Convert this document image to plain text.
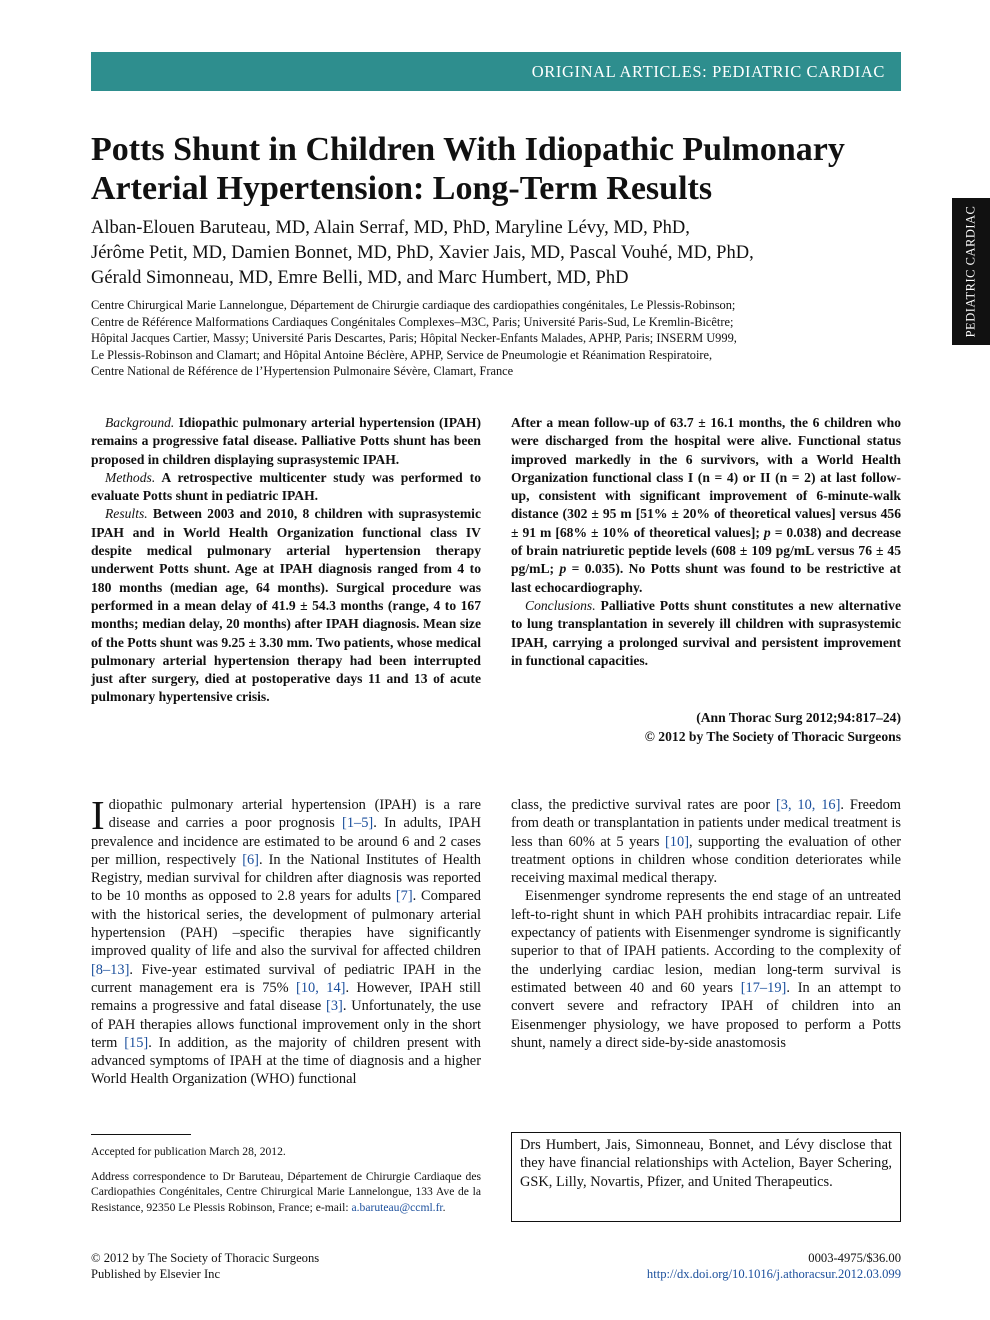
ORIGINAL ARTICLES: PEDIATRIC CARDIAC
PEDIATRIC CARDIAC
Potts Shunt in Children With Idiopathic Pulmonary Arterial Hypertension: Long-Term Results
Alban-Elouen Baruteau, MD, Alain Serraf, MD, PhD, Maryline Lévy, MD, PhD,
Jérôme Petit, MD, Damien Bonnet, MD, PhD, Xavier Jais, MD, Pascal Vouhé, MD, PhD,
Gérald Simonneau, MD, Emre Belli, MD, and Marc Humbert, MD, PhD
Centre Chirurgical Marie Lannelongue, Département de Chirurgie cardiaque des cardiopathies congénitales, Le Plessis-Robinson;
Centre de Référence Malformations Cardiaques Congénitales Complexes–M3C, Paris; Université Paris-Sud, Le Kremlin-Bicêtre;
Hôpital Jacques Cartier, Massy; Université Paris Descartes, Paris; Hôpital Necker-Enfants Malades, APHP, Paris; INSERM U999,
Le Plessis-Robinson and Clamart; and Hôpital Antoine Béclère, APHP, Service de Pneumologie et Réanimation Respiratoire,
Centre National de Référence de l’Hypertension Pulmonaire Sévère, Clamart, France

Background. Idiopathic pulmonary arterial hypertension (IPAH) remains a progressive fatal disease. Palliative Potts shunt has been proposed in children displaying suprasystemic IPAH.

Methods. A retrospective multicenter study was performed to evaluate Potts shunt in pediatric IPAH.

Results. Between 2003 and 2010, 8 children with suprasystemic IPAH and in World Health Organization functional class IV despite medical pulmonary arterial hypertension therapy underwent Potts shunt. Age at IPAH diagnosis ranged from 4 to 180 months (median age, 64 months). Surgical procedure was performed in a mean delay of 41.9 ± 54.3 months (range, 4 to 167 months; median delay, 20 months) after IPAH diagnosis. Mean size of the Potts shunt was 9.25 ± 3.30 mm. Two patients, whose medical pulmonary arterial hypertension therapy had been interrupted just after surgery, died at postoperative days 11 and 13 of acute pulmonary hypertensive crisis.

After a mean follow-up of 63.7 ± 16.1 months, the 6 children who were discharged from the hospital were alive. Functional status improved markedly in the 6 survivors, with a World Health Organization functional class I (n = 4) or II (n = 2) at last follow-up, consistent with significant improvement of 6-minute-walk distance (302 ± 95 m [51% ± 20% of theoretical values] versus 456 ± 91 m [68% ± 10% of theoretical values]; p = 0.038) and decrease of brain natriuretic peptide levels (608 ± 109 pg/mL versus 76 ± 45 pg/mL; p = 0.035). No Potts shunt was found to be restrictive at last echocardiography.

Conclusions. Palliative Potts shunt constitutes a new alternative to lung transplantation in severely ill children with suprasystemic IPAH, carrying a prolonged survival and persistent improvement in functional capacities.

(Ann Thorac Surg 2012;94:817–24)
© 2012 by The Society of Thoracic Surgeons

Idiopathic pulmonary arterial hypertension (IPAH) is a rare disease and carries a poor prognosis [1–5]. In adults, IPAH prevalence and incidence are estimated to be around 6 and 2 cases per million, respectively [6]. In the National Institutes of Health Registry, median survival for children after diagnosis was reported to be 10 months as opposed to 2.8 years for adults [7]. Compared with the historical series, the development of pulmonary arterial hypertension (PAH) –specific therapies have significantly improved quality of life and also the survival for affected children [8–13]. Five-year estimated survival of pediatric IPAH in the current management era is 75% [10, 14]. However, IPAH still remains a progressive and fatal disease [3]. Unfortunately, the use of PAH therapies allows functional improvement only in the short term [15]. In addition, as the majority of children present with advanced symptoms of IPAH at the time of diagnosis and a higher World Health Organization (WHO) functional

class, the predictive survival rates are poor [3, 10, 16]. Freedom from death or transplantation in patients under medical treatment is less than 60% at 5 years [10], supporting the evaluation of other treatment options in children whose condition deteriorates while receiving maximal medical therapy.

Eisenmenger syndrome represents the end stage of an untreated left-to-right shunt in which PAH prohibits intracardiac repair. Life expectancy of patients with Eisenmenger syndrome is significantly superior to that of IPAH patients. According to the complexity of the underlying cardiac lesion, median long-term survival is estimated between 40 and 60 years [17–19]. In an attempt to convert severe and refractory IPAH of children into an Eisenmenger physiology, we have proposed to perform a Potts shunt, namely a direct side-by-side anastomosis

Accepted for publication March 28, 2012.

Address correspondence to Dr Baruteau, Département de Chirurgie Cardiaque des Cardiopathies Congénitales, Centre Chirurgical Marie Lannelongue, 133 Ave de la Resistance, 92350 Le Plessis Robinson, France; e-mail: a.baruteau@ccml.fr.

Drs Humbert, Jais, Simonneau, Bonnet, and Lévy disclose that they have financial relationships with Actelion, Bayer Schering, GSK, Lilly, Novartis, Pfizer, and United Therapeutics.
© 2012 by The Society of Thoracic Surgeons
Published by Elsevier Inc
0003-4975/$36.00
http://dx.doi.org/10.1016/j.athoracsur.2012.03.099
